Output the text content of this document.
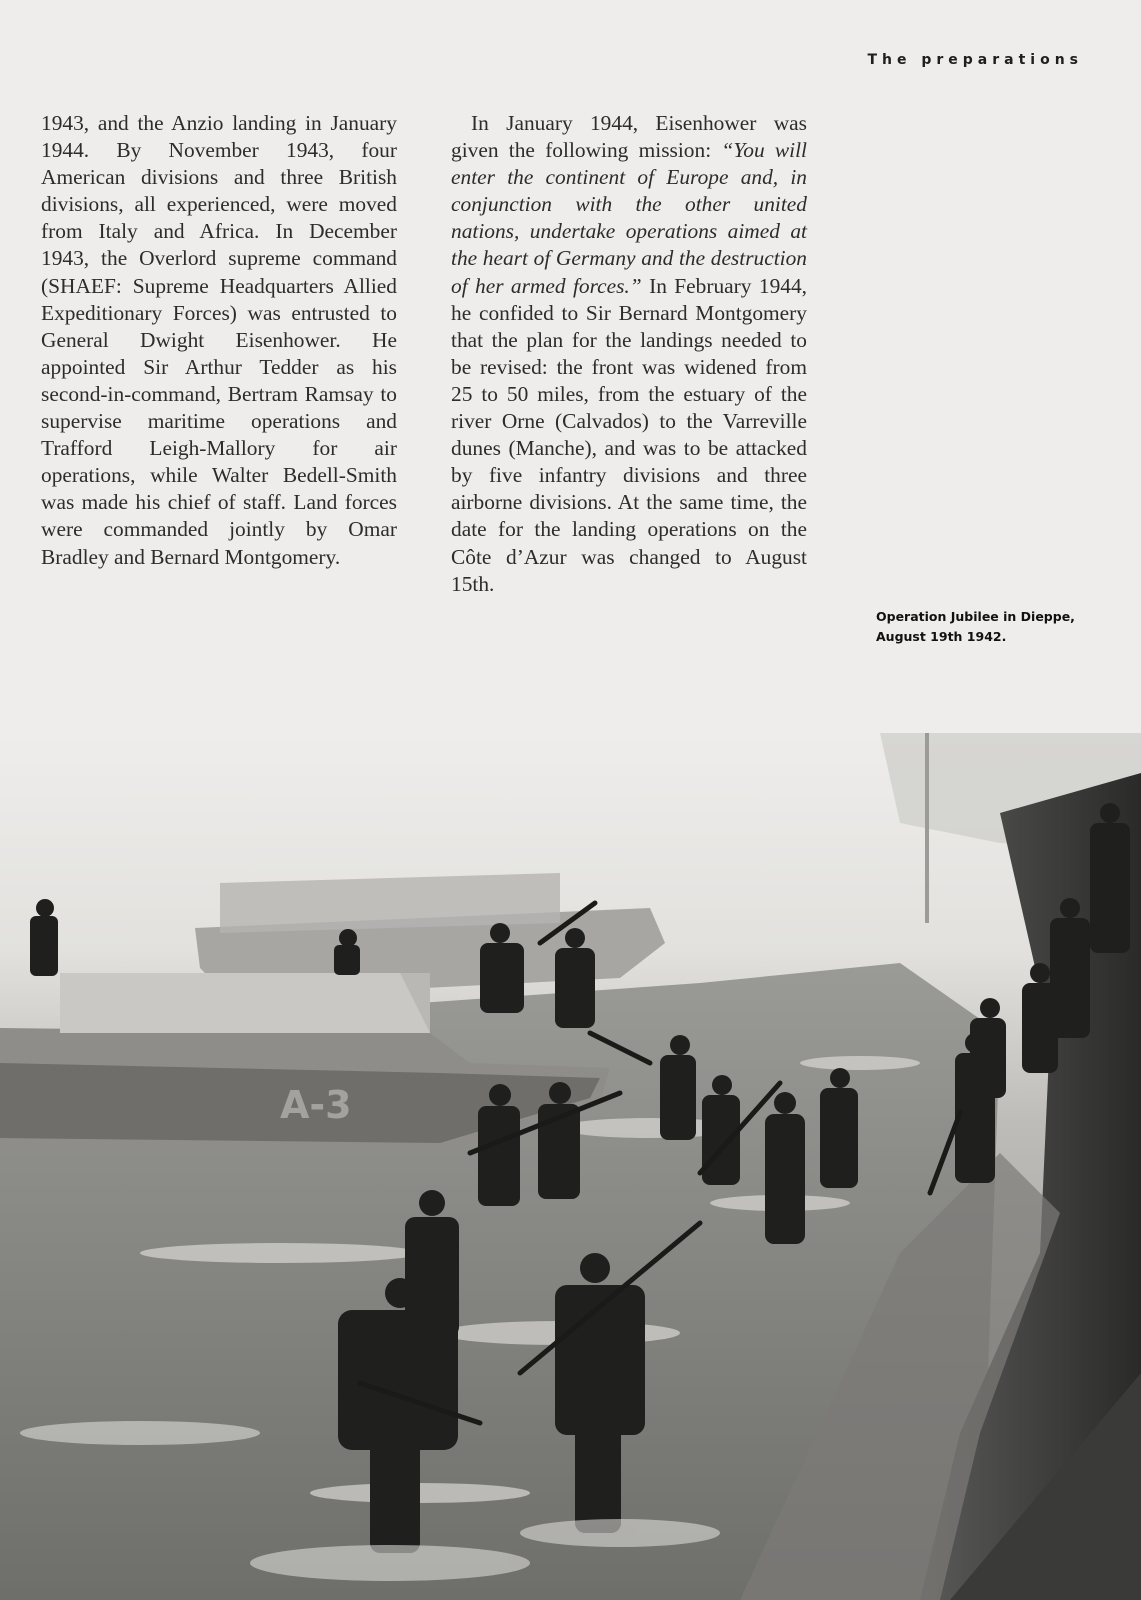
The preparations

1943, and the Anzio landing in January 1944. By November 1943, four American divisions and three British divisions, all experienced, were moved from Italy and Africa. In December 1943, the Overlord supreme command (SHAEF: Supreme Headquarters Allied Expeditionary Forces) was entrusted to General Dwight Eisenhower. He appointed Sir Arthur Tedder as his second-in-command, Bertram Ramsay to supervise maritime operations and Trafford Leigh-Mallory for air operations, while Walter Bedell-Smith was made his chief of staff. Land forces were commanded jointly by Omar Bradley and Bernard Montgomery.

In January 1944, Eisenhower was given the following mission: “You will enter the continent of Europe and, in conjunction with the other united nations, undertake operations aimed at the heart of Germany and the destruction of her armed forces.” In February 1944, he confided to Sir Bernard Montgomery that the plan for the landings needed to be revised: the front was widened from 25 to 50 miles, from the estuary of the river Orne (Calvados) to the Varreville dunes (Manche), and was to be attacked by five infantry divisions and three airborne divisions. At the same time, the date for the landing operations on the Côte d’Azur was changed to August 15th.

Operation Jubilee in Dieppe, August 19th 1942.

A-3
